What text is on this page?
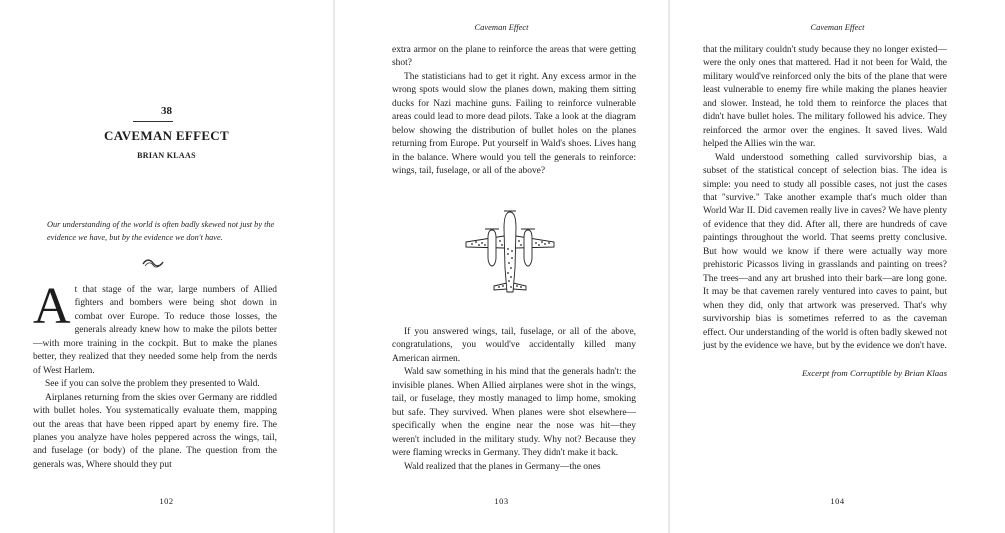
38
CAVEMAN EFFECT
BRIAN KLAAS
Our understanding of the world is often badly skewed not just by the evidence we have, but by the evidence we don't have.

At that stage of the war, large numbers of Allied fighters and bombers were being shot down in combat over Europe. To reduce those losses, the generals already knew how to make the pilots better—with more training in the cockpit. But to make the planes better, they realized that they needed some help from the nerds of West Harlem.

See if you can solve the problem they presented to Wald.

Airplanes returning from the skies over Germany are riddled with bullet holes. You systematically evaluate them, mapping out the areas that have been ripped apart by enemy fire. The planes you analyze have holes peppered across the wings, tail, and fuselage (or body) of the plane. The question from the generals was, Where should they put

102
Caveman Effect

extra armor on the plane to reinforce the areas that were getting shot?

The statisticians had to get it right. Any excess armor in the wrong spots would slow the planes down, making them sitting ducks for Nazi machine guns. Failing to reinforce vulnerable areas could lead to more dead pilots. Take a look at the diagram below showing the distribution of bullet holes on the planes returning from Europe. Put yourself in Wald's shoes. Lives hang in the balance. Where would you tell the generals to reinforce: wings, tail, fuselage, or all of the above?

If you answered wings, tail, fuselage, or all of the above, congratulations, you would've accidentally killed many American airmen.

Wald saw something in his mind that the generals hadn't: the invisible planes. When Allied airplanes were shot in the wings, tail, or fuselage, they mostly managed to limp home, smoking but safe. They survived. When planes were shot elsewhere—specifically when the engine near the nose was hit—they weren't included in the military study. Why not? Because they were flaming wrecks in Germany. They didn't make it back.

Wald realized that the planes in Germany—the ones

103
Caveman Effect

that the military couldn't study because they no longer existed—were the only ones that mattered. Had it not been for Wald, the military would've reinforced only the bits of the plane that were least vulnerable to enemy fire while making the planes heavier and slower. Instead, he told them to reinforce the places that didn't have bullet holes. The military followed his advice. They reinforced the armor over the engines. It saved lives. Wald helped the Allies win the war.

Wald understood something called survivorship bias, a subset of the statistical concept of selection bias. The idea is simple: you need to study all possible cases, not just the cases that "survive." Take another example that's much older than World War II. Did cavemen really live in caves? We have plenty of evidence that they did. After all, there are hundreds of cave paintings throughout the world. That seems pretty conclusive. But how would we know if there were actually way more prehistoric Picassos living in grasslands and painting on trees? The trees—and any art brushed into their bark—are long gone. It may be that cavemen rarely ventured into caves to paint, but when they did, only that artwork was preserved. That's why survivorship bias is sometimes referred to as the caveman effect. Our understanding of the world is often badly skewed not just by the evidence we have, but by the evidence we don't have.

Excerpt from Corruptible by Brian Klaas

104
